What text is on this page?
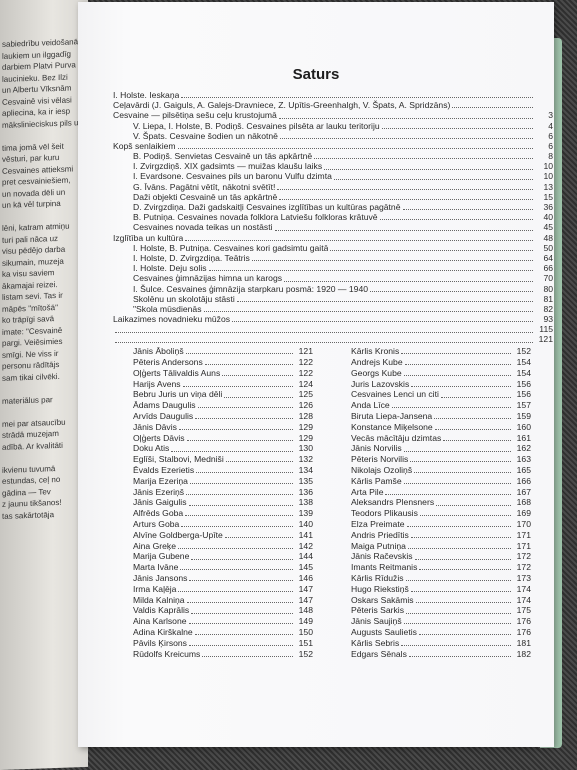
sabiedrību veidošanā
laukiem un ilggadīg
darbiem Platvi Purva
laucinieku. Bez Ilzi
un Albertu Vīksnām
Cesvainē visi vēlasi
apliecina, ka ir iesp
mākslinieciskus pils u
tima jomā vēl šeit
vēsturi, par kuru
Cesvaines attieksmi
pret cesvainiešiem,
un novada dēli un
un kā vēl turpina
lēni, katram atmiņu
turi pali nāca uz
visu pēdējo darba
sikumain, muzeja
ka visu saviem
ākamajai reizei.
listam sevi. Tas ir
māpēs "mītošā"
ko trāpīgi savā
imate: "Cesvainē
pargi. Veiēsimies
smīgi. Ne viss ir
personu rādītājs
sam tikai cilvēki.
materiālus par
mei par atsaucību
strādā muzejam
adībā. Ar kvalitāti
ikvienu tuvumā
estundas, ceļ no
gādina — Tev
z jaunu tikšanos!
tas sakārtotāja
Saturs
I. Holste. Ieskaņa
Ceļavārdi (J. Gaiguls, A. Galejs-Dravniece, Z. Upītis-Greenhalgh, V. Špats, A. Spridzāns)
Cesvaine — pilsētiņa sešu ceļu krustojumā	3
V. Liepa, I. Holste, B. Podiņš. Cesvaines pilsēta ar lauku teritoriju	4
V. Špats. Cesvaine šodien un nākotnē	6
Kopš senlaikiem	6
B. Podiņš. Senvietas Cesvainē un tās apkārtnē	8
I. Zvirgzdiņš. XIX gadsimts — muižas klaušu laiks	10
I. Evardsone. Cesvaines pils un baronu Vulfu dzimta	10
G. Īvāns. Pagātni vētīt, nākotni svētīt!	13
Daži objekti Cesvainē un tās apkārtnē	15
D. Zvirgzdiņa. Daži gadskaitļi Cesvaines izglītības un kultūras pagātnē	36
B. Putniņa. Cesvaines novada folklora Latviešu folkloras krātuvē	40
Cesvaines novada teikas un nostāsti	45
Izglītība un kultūra	48
I. Holste, B. Putniņa. Cesvaines kori gadsimtu gaitā	50
I. Holste, D. Zvirgzdiņa. Teātris	64
I. Holste. Deju solis	66
Cesvaines ģimnāzijas himna un karogs	70
I. Šulce. Cesvaines ģimnāzija starpkaru posmā: 1920 — 1940	80
Skolēnu un skolotāju stāsti	81
"Skola mūsdienās	82
Laikazimes novadnieku mūžos	93
115
121
Jānis Āboliņš	121
Pēteris Andersons	122
Oļģerts Tālivaldis Auns	122
Harijs Avens	124
Bebru Juris un viņa dēli	125
Ādams Daugulis	126
Arvīds Daugulis	128
Jānis Dāvis	129
Oļģerts Dāvis	129
Doku Atis	130
Eglīši, Stalbovi, Medniši	132
Ēvalds Ezerietis	134
Marija Ezeriņa	135
Jānis Ezeriņš	136
Jānis Gaigulis	138
Alfrēds Goba	139
Arturs Goba	140
Alvīne Goldberga-Upīte	141
Aina Greķe	142
Marija Gubene	144
Marta Ivāne	145
Jānis Jansons	146
Irma Kaļēja	147
Milda Kalniņa	147
Valdis Kaprālis	148
Aina Karlsone	149
Adina Kirškalne	150
Pāvils Ķirsons	151
Rūdolfs Kreicums	152
Kārlis Kronis	152
Andrejs Kube	154
Georgs Kube	154
Juris Lazovskis	156
Cesvaines Lenci un citi	156
Anda Līce	157
Biruta Liepa-Jansena	159
Konstance Miķelsone	160
Vecās mācītāju dzimtas	161
Jānis Norvilis	162
Pēteris Norvilis	163
Nikolajs Ozoliņš	165
Kārlis Pamše	166
Arta Pile	167
Aleksandrs Plensners	168
Teodors Plikausis	169
Elza Preimate	170
Andris Priedītis	171
Maiga Putniņa	171
Jānis Račevskis	172
Imants Reitmanis	172
Kārlis Rīdužis	173
Hugo Riekstiņš	174
Oskars Sakāmis	174
Pēteris Sarkis	175
Jānis Saujiņš	176
Augusts Saulietis	176
Kārlis Sebris	181
Edgars Sēnals	182
